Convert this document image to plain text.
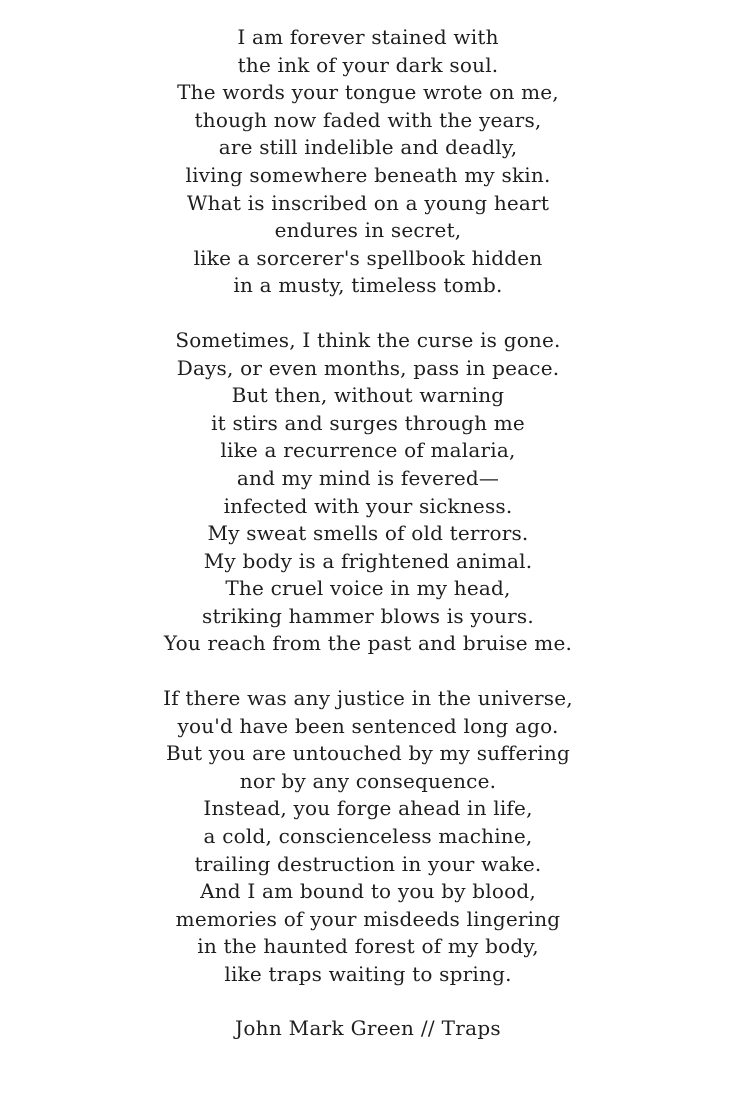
I am forever stained with
the ink of your dark soul.
The words your tongue wrote on me,
though now faded with the years,
are still indelible and deadly,
living somewhere beneath my skin.
What is inscribed on a young heart
endures in secret,
like a sorcerer's spellbook hidden
in a musty, timeless tomb.
Sometimes, I think the curse is gone.
Days, or even months, pass in peace.
But then, without warning
it stirs and surges through me
like a recurrence of malaria,
and my mind is fevered—
infected with your sickness.
My sweat smells of old terrors.
My body is a frightened animal.
The cruel voice in my head,
striking hammer blows is yours.
You reach from the past and bruise me.
If there was any justice in the universe,
you'd have been sentenced long ago.
But you are untouched by my suffering
nor by any consequence.
Instead, you forge ahead in life,
a cold, conscienceless machine,
trailing destruction in your wake.
And I am bound to you by blood,
memories of your misdeeds lingering
in the haunted forest of my body,
like traps waiting to spring.
John Mark Green // Traps
